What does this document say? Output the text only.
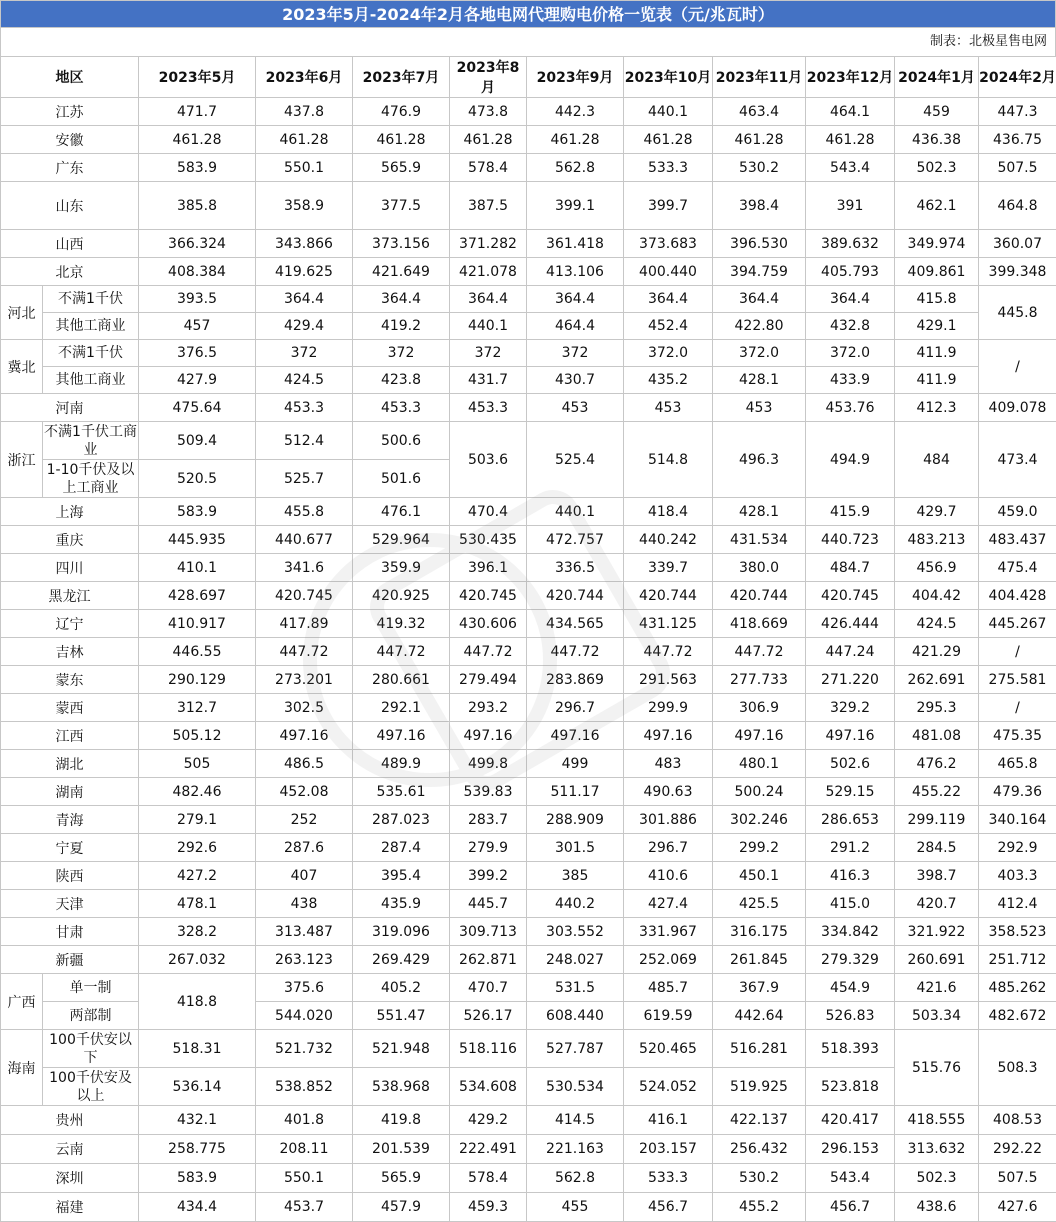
2023年5月-2024年2月各地电网代理购电价格一览表（元/兆瓦时）
制表：北极星售电网
地区		2023年5月	2023年6月	2023年7月	2023年8月	2023年9月	2023年10月	2023年11月	2023年12月	2024年1月	2024年2月
江苏		471.7	437.8	476.9	473.8	442.3	440.1	463.4	464.1	459	447.3
安徽		461.28	461.28	461.28	461.28	461.28	461.28	461.28	461.28	436.38	436.75
广东		583.9	550.1	565.9	578.4	562.8	533.3	530.2	543.4	502.3	507.5
山东		385.8	358.9	377.5	387.5	399.1	399.7	398.4	391	462.1	464.8
山西		366.324	343.866	373.156	371.282	361.418	373.683	396.530	389.632	349.974	360.07
北京		408.384	419.625	421.649	421.078	413.106	400.440	394.759	405.793	409.861	399.348
河北	不满1千伏	393.5	364.4	364.4	364.4	364.4	364.4	364.4	364.4	415.8	445.8
	其他工商业	457	429.4	419.2	440.1	464.4	452.4	422.80	432.8	429.1	
冀北	不满1千伏	376.5	372	372	372	372	372.0	372.0	372.0	411.9	/
	其他工商业	427.9	424.5	423.8	431.7	430.7	435.2	428.1	433.9	411.9	
河南		475.64	453.3	453.3	453.3	453	453	453	453.76	412.3	409.078
浙江	不满1千伏工商业	509.4	512.4	500.6	503.6	525.4	514.8	496.3	494.9	484	473.4
	1-10千伏及以上工商业	520.5	525.7	501.6							
上海		583.9	455.8	476.1	470.4	440.1	418.4	428.1	415.9	429.7	459.0
重庆		445.935	440.677	529.964	530.435	472.757	440.242	431.534	440.723	483.213	483.437
四川		410.1	341.6	359.9	396.1	336.5	339.7	380.0	484.7	456.9	475.4
黑龙江		428.697	420.745	420.925	420.745	420.744	420.744	420.744	420.745	404.42	404.428
辽宁		410.917	417.89	419.32	430.606	434.565	431.125	418.669	426.444	424.5	445.267
吉林		446.55	447.72	447.72	447.72	447.72	447.72	447.72	447.24	421.29	/
蒙东		290.129	273.201	280.661	279.494	283.869	291.563	277.733	271.220	262.691	275.581
蒙西		312.7	302.5	292.1	293.2	296.7	299.9	306.9	329.2	295.3	/
江西		505.12	497.16	497.16	497.16	497.16	497.16	497.16	497.16	481.08	475.35
湖北		505	486.5	489.9	499.8	499	483	480.1	502.6	476.2	465.8
湖南		482.46	452.08	535.61	539.83	511.17	490.63	500.24	529.15	455.22	479.36
青海		279.1	252	287.023	283.7	288.909	301.886	302.246	286.653	299.119	340.164
宁夏		292.6	287.6	287.4	279.9	301.5	296.7	299.2	291.2	284.5	292.9
陕西		427.2	407	395.4	399.2	385	410.6	450.1	416.3	398.7	403.3
天津		478.1	438	435.9	445.7	440.2	427.4	425.5	415.0	420.7	412.4
甘肃		328.2	313.487	319.096	309.713	303.552	331.967	316.175	334.842	321.922	358.523
新疆		267.032	263.123	269.429	262.871	248.027	252.069	261.845	279.329	260.691	251.712
广西	单一制	418.8	375.6	405.2	470.7	531.5	485.7	367.9	454.9	421.6	485.262
	两部制		544.020	551.47	526.17	608.440	619.59	442.64	526.83	503.34	482.672
海南	100千伏安以下	518.31	521.732	521.948	518.116	527.787	520.465	516.281	518.393	515.76	508.3
	100千伏安及以上	536.14	538.852	538.968	534.608	530.534	524.052	519.925	523.818		
贵州		432.1	401.8	419.8	429.2	414.5	416.1	422.137	420.417	418.555	408.53
云南		258.775	208.11	201.539	222.491	221.163	203.157	256.432	296.153	313.632	292.22
深圳		583.9	550.1	565.9	578.4	562.8	533.3	530.2	543.4	502.3	507.5
福建		434.4	453.7	457.9	459.3	455	456.7	455.2	456.7	438.6	427.6
